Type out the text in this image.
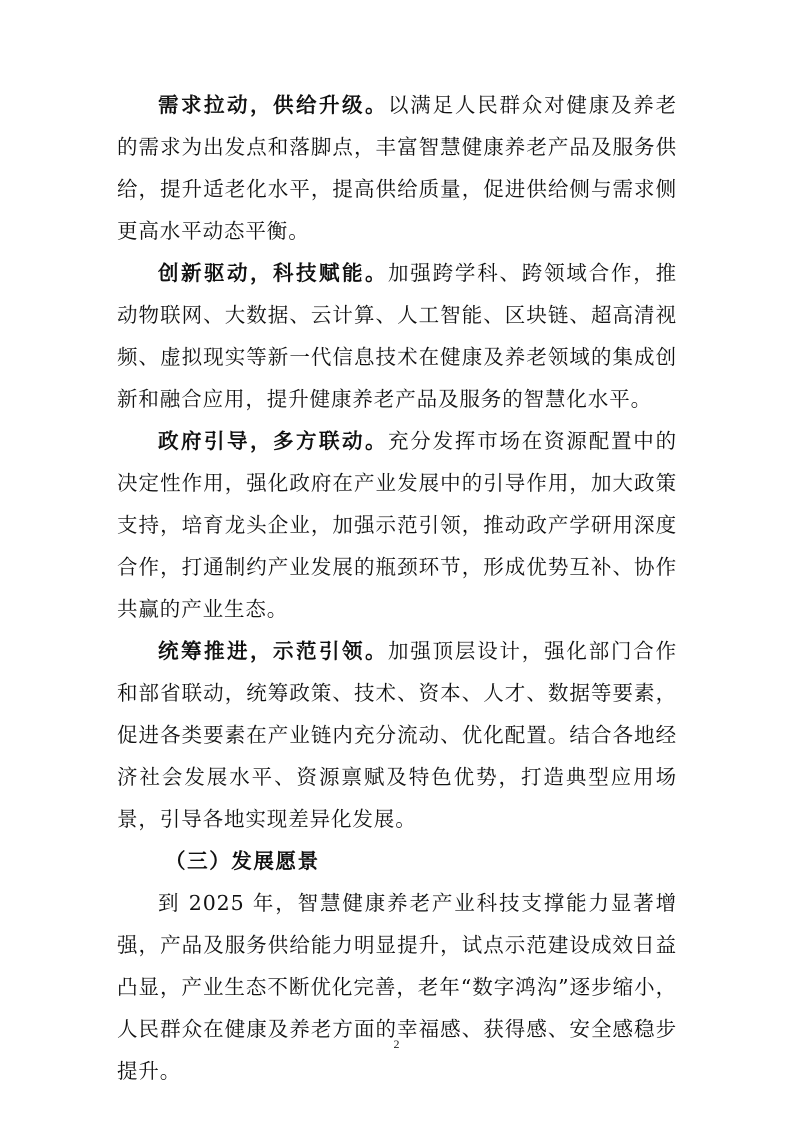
需求拉动，供给升级。以满足人民群众对健康及养老的需求为出发点和落脚点，丰富智慧健康养老产品及服务供给，提升适老化水平，提高供给质量，促进供给侧与需求侧更高水平动态平衡。

创新驱动，科技赋能。加强跨学科、跨领域合作，推动物联网、大数据、云计算、人工智能、区块链、超高清视频、虚拟现实等新一代信息技术在健康及养老领域的集成创新和融合应用，提升健康养老产品及服务的智慧化水平。

政府引导，多方联动。充分发挥市场在资源配置中的决定性作用，强化政府在产业发展中的引导作用，加大政策支持，培育龙头企业，加强示范引领，推动政产学研用深度合作，打通制约产业发展的瓶颈环节，形成优势互补、协作共赢的产业生态。

统筹推进，示范引领。加强顶层设计，强化部门合作和部省联动，统筹政策、技术、资本、人才、数据等要素，促进各类要素在产业链内充分流动、优化配置。结合各地经济社会发展水平、资源禀赋及特色优势，打造典型应用场景，引导各地实现差异化发展。

（三）发展愿景

到 2025 年，智慧健康养老产业科技支撑能力显著增强，产品及服务供给能力明显提升，试点示范建设成效日益凸显，产业生态不断优化完善，老年“数字鸿沟”逐步缩小，人民群众在健康及养老方面的幸福感、获得感、安全感稳步提升。

2
